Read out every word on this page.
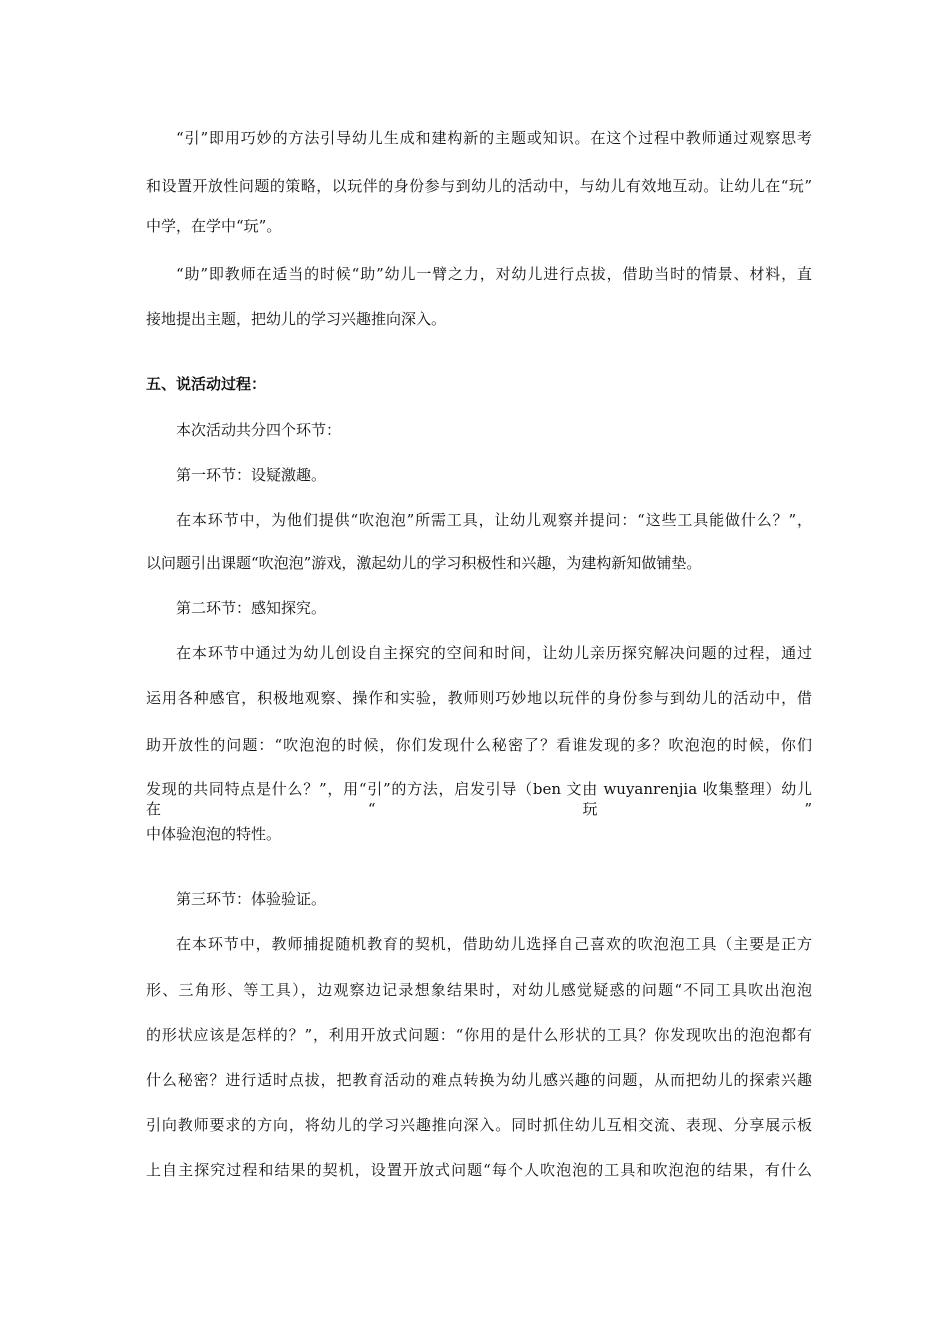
“引”即用巧妙的方法引导幼儿生成和建构新的主题或知识。在这个过程中教师通过观察思考
和设置开放性问题的策略，以玩伴的身份参与到幼儿的活动中，与幼儿有效地互动。让幼儿在“玩”
中学，在学中“玩”。
“助”即教师在适当的时候“助”幼儿一臂之力，对幼儿进行点拔，借助当时的情景、材料，直
接地提出主题，把幼儿的学习兴趣推向深入。
五、说活动过程：
本次活动共分四个环节：
第一环节：设疑激趣。
在本环节中，为他们提供“吹泡泡”所需工具，让幼儿观察并提问：“这些工具能做什么？”，
以问题引出课题“吹泡泡”游戏，激起幼儿的学习积极性和兴趣，为建构新知做铺垫。
第二环节：感知探究。
在本环节中通过为幼儿创设自主探究的空间和时间，让幼儿亲历探究解决问题的过程，通过
运用各种感官，积极地观察、操作和实验，教师则巧妙地以玩伴的身份参与到幼儿的活动中，借
助开放性的问题：“吹泡泡的时候，你们发现什么秘密了？看谁发现的多？吹泡泡的时候，你们
发现的共同特点是什么？”，用“引”的方法，启发引导（ben 文由 wuyanrenjia 收集整理）幼儿在“玩”
中体验泡泡的特性。
第三环节：体验验证。
在本环节中，教师捕捉随机教育的契机，借助幼儿选择自己喜欢的吹泡泡工具（主要是正方
形、三角形、等工具），边观察边记录想象结果时，对幼儿感觉疑惑的问题“不同工具吹出泡泡
的形状应该是怎样的？”，利用开放式问题：“你用的是什么形状的工具？你发现吹出的泡泡都有
什么秘密？进行适时点拔，把教育活动的难点转换为幼儿感兴趣的问题，从而把幼儿的探索兴趣
引向教师要求的方向，将幼儿的学习兴趣推向深入。同时抓住幼儿互相交流、表现、分享展示板
上自主探究过程和结果的契机，设置开放式问题“每个人吹泡泡的工具和吹泡泡的结果，有什么
